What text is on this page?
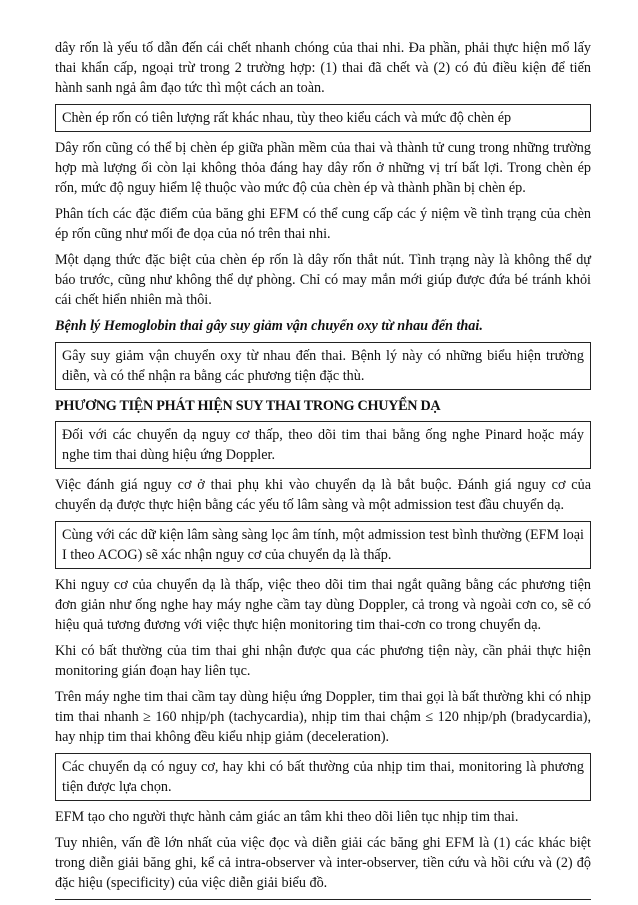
dây rốn là yếu tố dẫn đến cái chết nhanh chóng của thai nhi. Đa phần, phải thực hiện mổ lấy thai khẩn cấp, ngoại trừ trong 2 trường hợp: (1) thai đã chết và (2) có đủ điều kiện để tiến hành sanh ngả âm đạo tức thì một cách an toàn.

Chèn ép rốn có tiên lượng rất khác nhau, tùy theo kiểu cách và mức độ chèn ép

Dây rốn cũng có thể bị chèn ép giữa phần mềm của thai và thành tử cung trong những trường hợp mà lượng ối còn lại không thỏa đáng hay dây rốn ở những vị trí bất lợi. Trong chèn ép rốn, mức độ nguy hiểm lệ thuộc vào mức độ của chèn ép và thành phần bị chèn ép.

Phân tích các đặc điểm của băng ghi EFM có thể cung cấp các ý niệm về tình trạng của chèn ép rốn cũng như mối đe dọa của nó trên thai nhi.

Một dạng thức đặc biệt của chèn ép rốn là dây rốn thắt nút. Tình trạng này là không thể dự báo trước, cũng như không thể dự phòng. Chỉ có may mắn mới giúp được đứa bé tránh khỏi cái chết hiển nhiên mà thôi.

Bệnh lý Hemoglobin thai gây suy giảm vận chuyển oxy từ nhau đến thai.
Gây suy giảm vận chuyển oxy từ nhau đến thai. Bệnh lý này có những biểu hiện trường diễn, và có thể nhận ra bằng các phương tiện đặc thù.
PHƯƠNG TIỆN PHÁT HIỆN SUY THAI TRONG CHUYỂN DẠ
Đối với các chuyển dạ nguy cơ thấp, theo dõi tim thai bằng ống nghe Pinard hoặc máy nghe tim thai dùng hiệu ứng Doppler.

Việc đánh giá nguy cơ ở thai phụ khi vào chuyển dạ là bắt buộc. Đánh giá nguy cơ của chuyển dạ được thực hiện bằng các yếu tố lâm sàng và một admission test đầu chuyển dạ.

Cùng với các dữ kiện lâm sàng sàng lọc âm tính, một admission test bình thường (EFM loại I theo ACOG) sẽ xác nhận nguy cơ của chuyển dạ là thấp.

Khi nguy cơ của chuyển dạ là thấp, việc theo dõi tim thai ngắt quãng bằng các phương tiện đơn giản như ống nghe hay máy nghe cầm tay dùng Doppler, cả trong và ngoài cơn co, sẽ có hiệu quả tương đương với việc thực hiện monitoring tim thai-cơn co trong chuyển dạ.

Khi có bất thường của tim thai ghi nhận được qua các phương tiện này, cần phải thực hiện monitoring gián đoạn hay liên tục.

Trên máy nghe tim thai cầm tay dùng hiệu ứng Doppler, tim thai gọi là bất thường khi có nhịp tim thai nhanh ≥ 160 nhịp/ph (tachycardia), nhịp tim thai chậm ≤ 120 nhịp/ph (bradycardia), hay nhịp tim thai không đều kiểu nhịp giảm (deceleration).

Các chuyển dạ có nguy cơ, hay khi có bất thường của nhịp tim thai, monitoring là phương tiện được lựa chọn.

EFM tạo cho người thực hành cảm giác an tâm khi theo dõi liên tục nhịp tim thai.

Tuy nhiên, vấn đề lớn nhất của việc đọc và diễn giải các băng ghi EFM là (1) các khác biệt trong diễn giải băng ghi, kể cả intra-observer và inter-observer, tiền cứu và hồi cứu và (2) độ đặc hiệu (specificity) của việc diễn giải biểu đồ.
